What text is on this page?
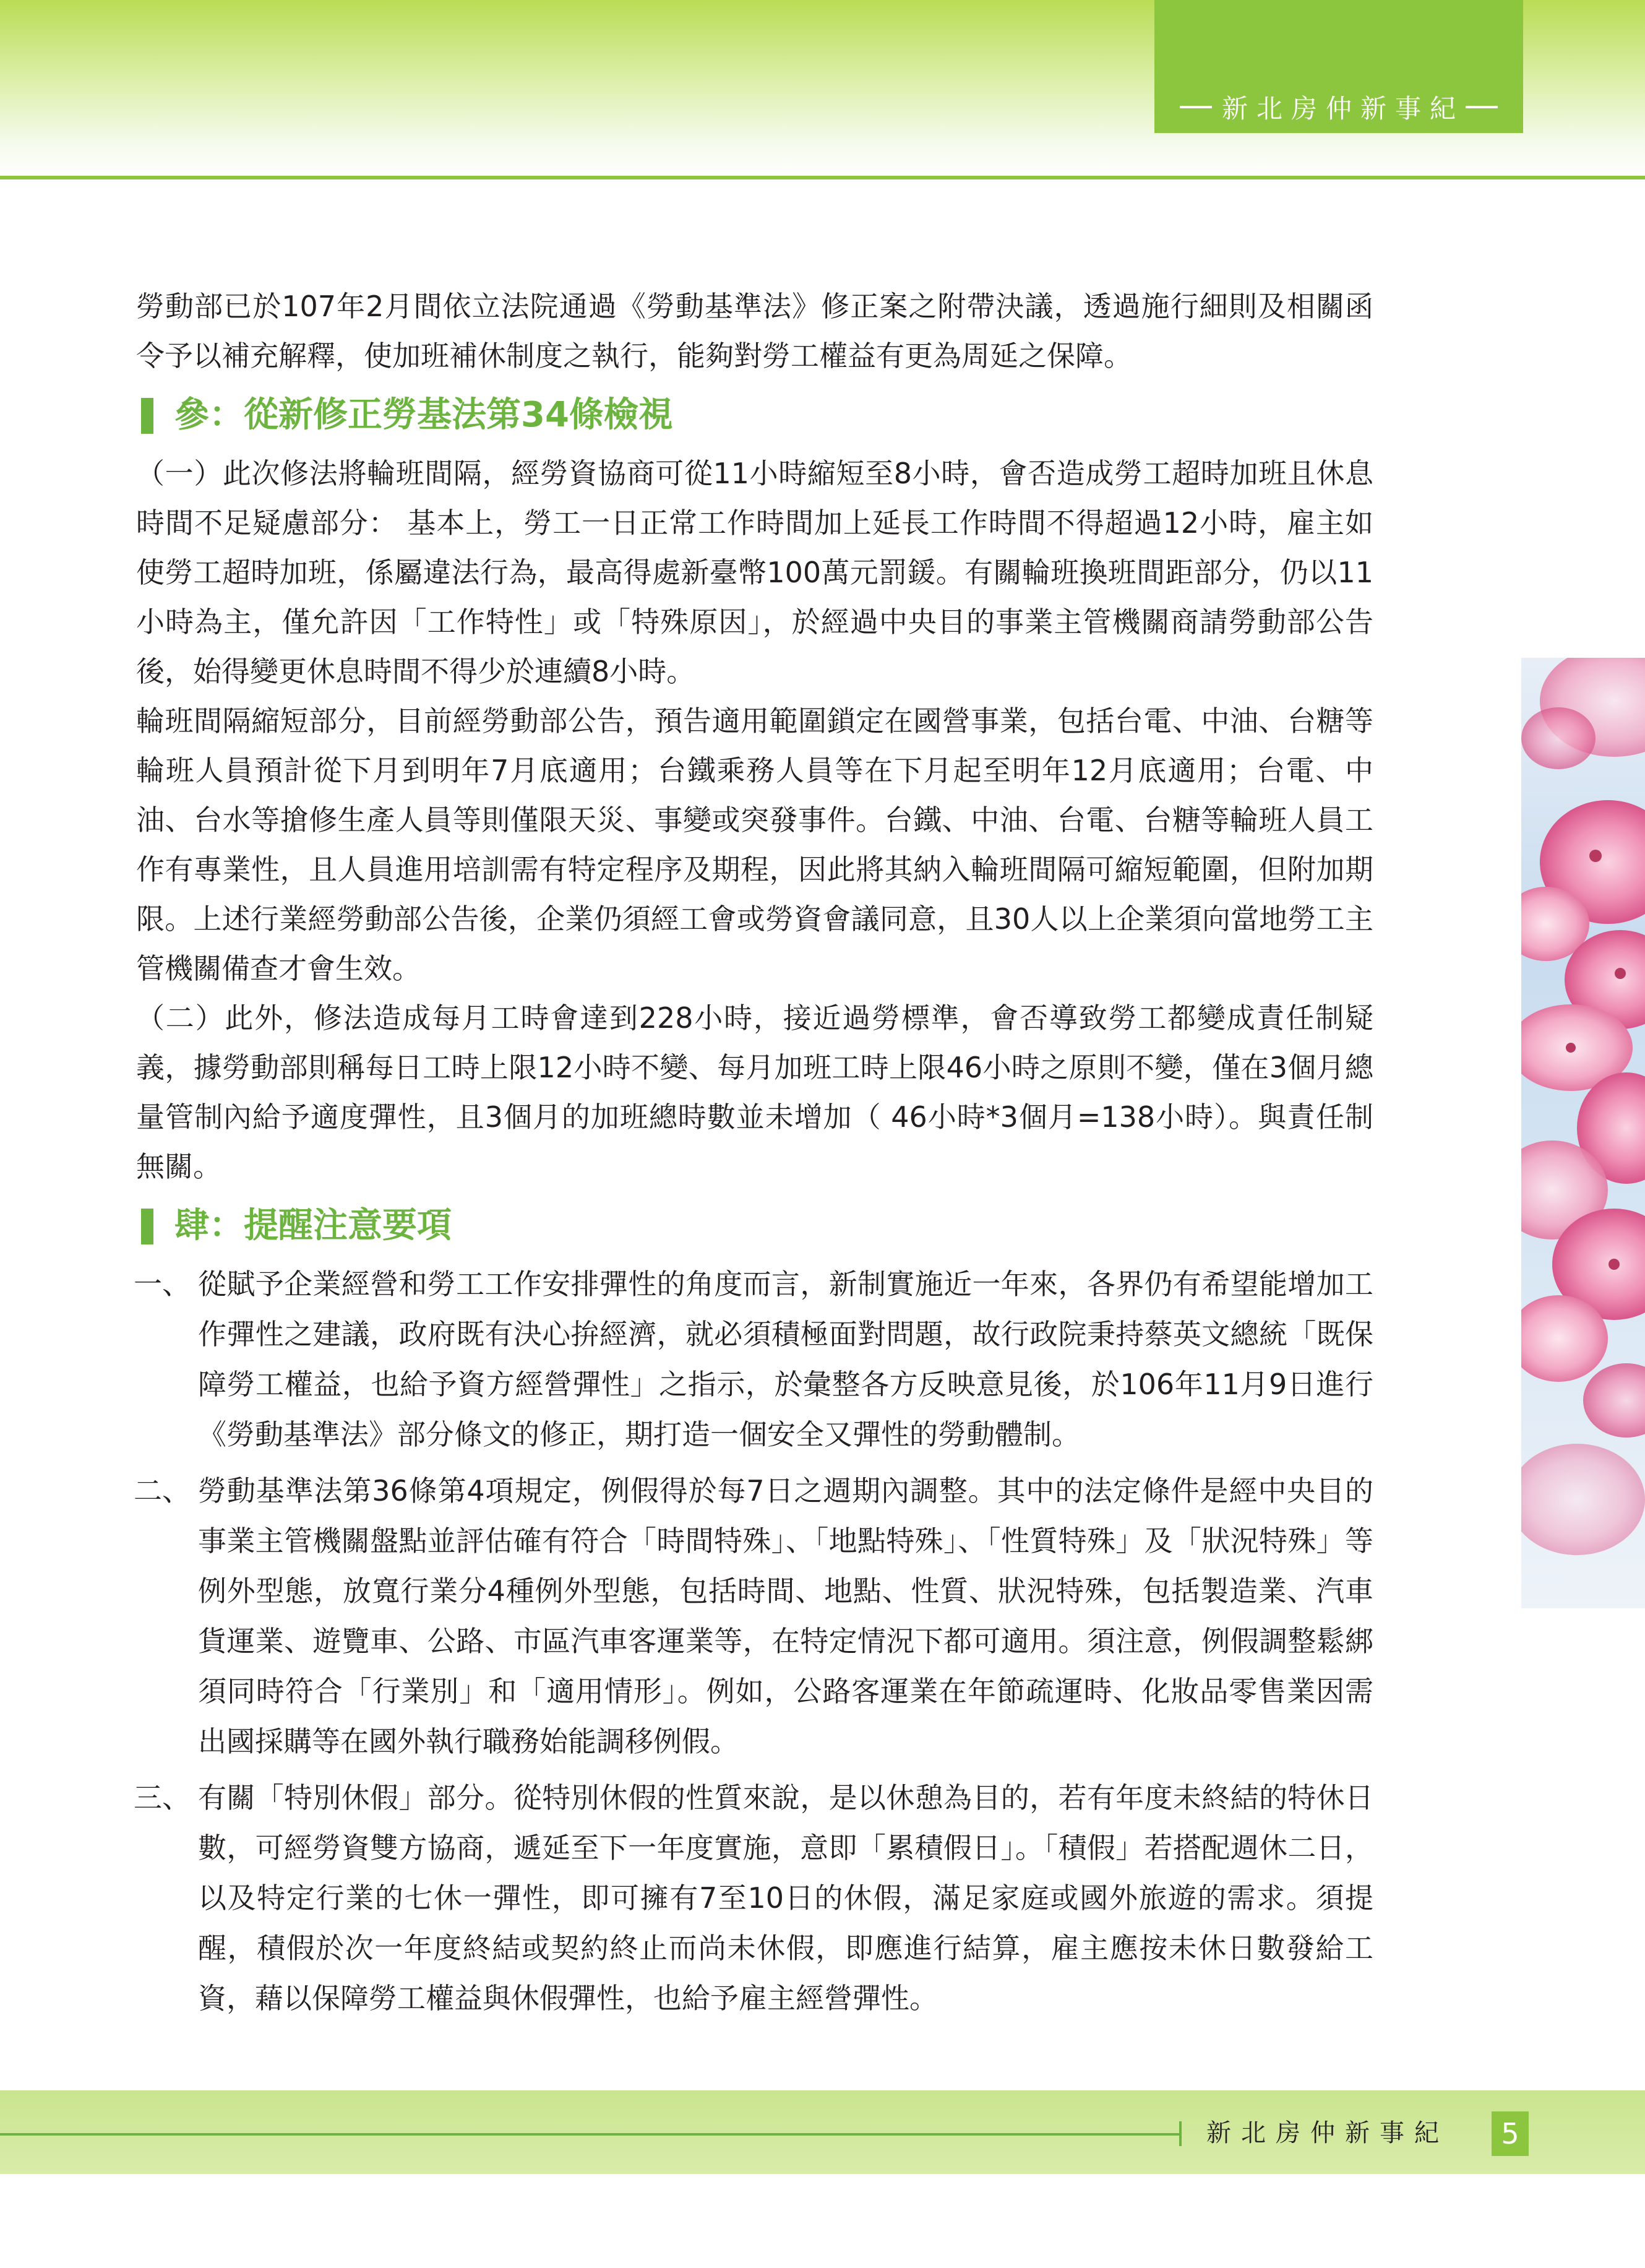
新北房仲新事紀

勞動部已於107年2月間依立法院通過《勞動基準法》修正案之附帶決議，透過施行細則及相關函令予以補充解釋，使加班補休制度之執行，能夠對勞工權益有更為周延之保障。

參：從新修正勞基法第34條檢視

（一）此次修法將輪班間隔，經勞資協商可從11小時縮短至8小時，會否造成勞工超時加班且休息時間不足疑慮部分： 基本上，勞工一日正常工作時間加上延長工作時間不得超過12小時，雇主如使勞工超時加班，係屬違法行為，最高得處新臺幣100萬元罰鍰。有關輪班換班間距部分，仍以11小時為主，僅允許因「工作特性」或「特殊原因」，於經過中央目的事業主管機關商請勞動部公告後，始得變更休息時間不得少於連續8小時。

輪班間隔縮短部分，目前經勞動部公告，預告適用範圍鎖定在國營事業，包括台電、中油、台糖等輪班人員預計從下月到明年7月底適用；台鐵乘務人員等在下月起至明年12月底適用；台電、中油、台水等搶修生產人員等則僅限天災、事變或突發事件。台鐵、中油、台電、台糖等輪班人員工作有專業性，且人員進用培訓需有特定程序及期程，因此將其納入輪班間隔可縮短範圍，但附加期限。上述行業經勞動部公告後，企業仍須經工會或勞資會議同意，且30人以上企業須向當地勞工主管機關備查才會生效。

（二）此外，修法造成每月工時會達到228小時，接近過勞標準，會否導致勞工都變成責任制疑義，據勞動部則稱每日工時上限12小時不變、每月加班工時上限46小時之原則不變，僅在3個月總量管制內給予適度彈性，且3個月的加班總時數並未增加（ 46小時*3個月=138小時）。與責任制無關。

肆：提醒注意要項
一、 從賦予企業經營和勞工工作安排彈性的角度而言，新制實施近一年來，各界仍有希望能增加工作彈性之建議，政府既有決心拚經濟，就必須積極面對問題，故行政院秉持蔡英文總統「既保障勞工權益，也給予資方經營彈性」之指示，於彙整各方反映意見後，於106年11月9日進行《勞動基準法》部分條文的修正，期打造一個安全又彈性的勞動體制。
二、 勞動基準法第36條第4項規定，例假得於每7日之週期內調整。其中的法定條件是經中央目的事業主管機關盤點並評估確有符合「時間特殊」、「地點特殊」、「性質特殊」及「狀況特殊」等例外型態，放寬行業分4種例外型態，包括時間、地點、性質、狀況特殊，包括製造業、汽車貨運業、遊覽車、公路、市區汽車客運業等，在特定情況下都可適用。須注意，例假調整鬆綁須同時符合「行業別」和「適用情形」。例如，公路客運業在年節疏運時、化妝品零售業因需出國採購等在國外執行職務始能調移例假。
三、 有關「特別休假」部分。從特別休假的性質來說，是以休憩為目的，若有年度未終結的特休日數，可經勞資雙方協商，遞延至下一年度實施，意即「累積假日」。「積假」若搭配週休二日，以及特定行業的七休一彈性，即可擁有7至10日的休假，滿足家庭或國外旅遊的需求。須提醒，積假於次一年度終結或契約終止而尚未休假，即應進行結算，雇主應按未休日數發給工資，藉以保障勞工權益與休假彈性，也給予雇主經營彈性。
新北房仲新事紀	5
